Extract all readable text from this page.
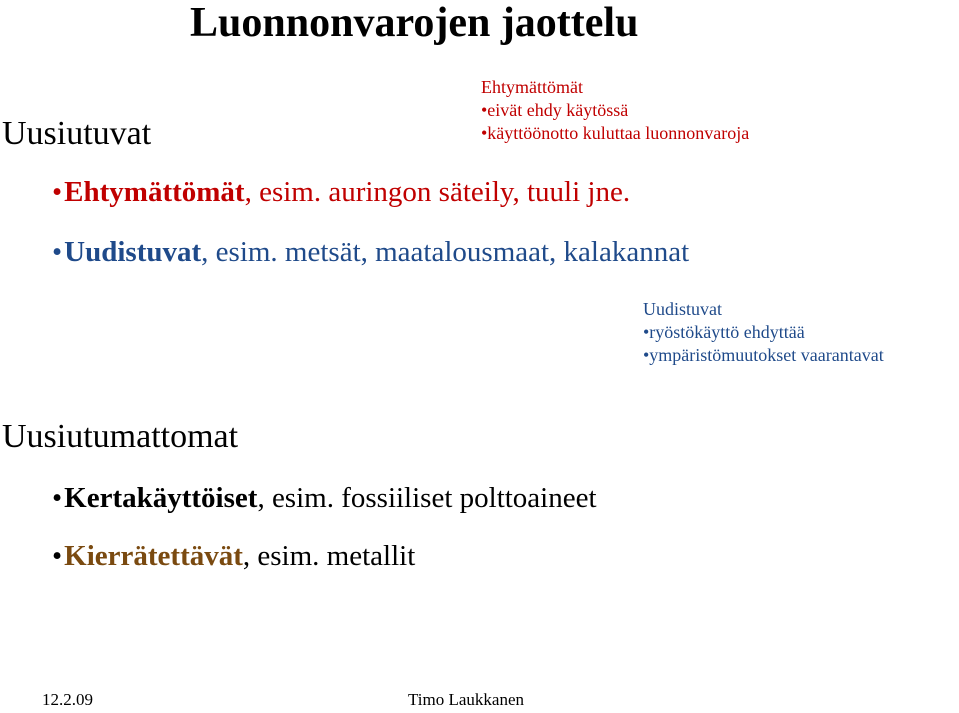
Luonnonvarojen jaottelu
Uusiutuvat
Ehtymättömät
•eivät ehdy käytössä
•käyttöönotto kuluttaa luonnonvaroja
•Ehtymättömät, esim. auringon säteily, tuuli jne.
•Uudistuvat, esim. metsät, maatalousmaat, kalakannat
Uudistuvat
•ryöstökäyttö ehdyttää
•ympäristömuutokset vaarantavat
Uusiutumattomat
•Kertakäyttöiset, esim. fossiiliset polttoaineet
•Kierrätettävät, esim. metallit
12.2.09	Timo Laukkanen
